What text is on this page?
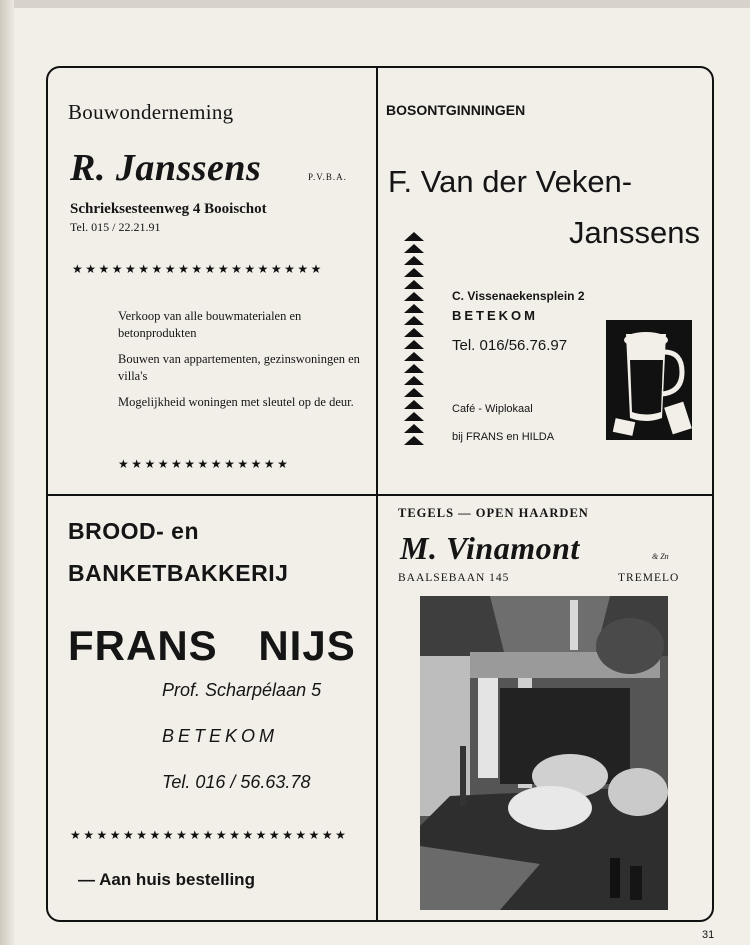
Bouwonderneming
R. Janssens	P.V.B.A.
Schrieksesteenweg 4 Booischot
Tel. 015 / 22.21.91
★★★★★★★★★★★★★★★★★★★

Verkoop van alle bouwmaterialen en betonprodukten

Bouwen van appartementen, gezinswoningen en villa's

Mogelijkheid woningen met sleutel op de deur.

★★★★★★★★★★★★★
BOSONTGINNINGEN
F. Van der Veken-
Janssens
C. Vissenaekensplein 2
BETEKOM
Tel. 016/56.76.97
Café - Wiplokaal
bij FRANS en HILDA
BROOD- en
BANKETBAKKERIJ
FRANS NIJS
Prof. Scharpélaan 5
BETEKOM
Tel. 016 / 56.63.78
★★★★★★★★★★★★★★★★★★★★★
— Aan huis bestelling
TEGELS — OPEN HAARDEN
M. Vinamont	& Zn
BAALSEBAAN 145	TREMELO
31
